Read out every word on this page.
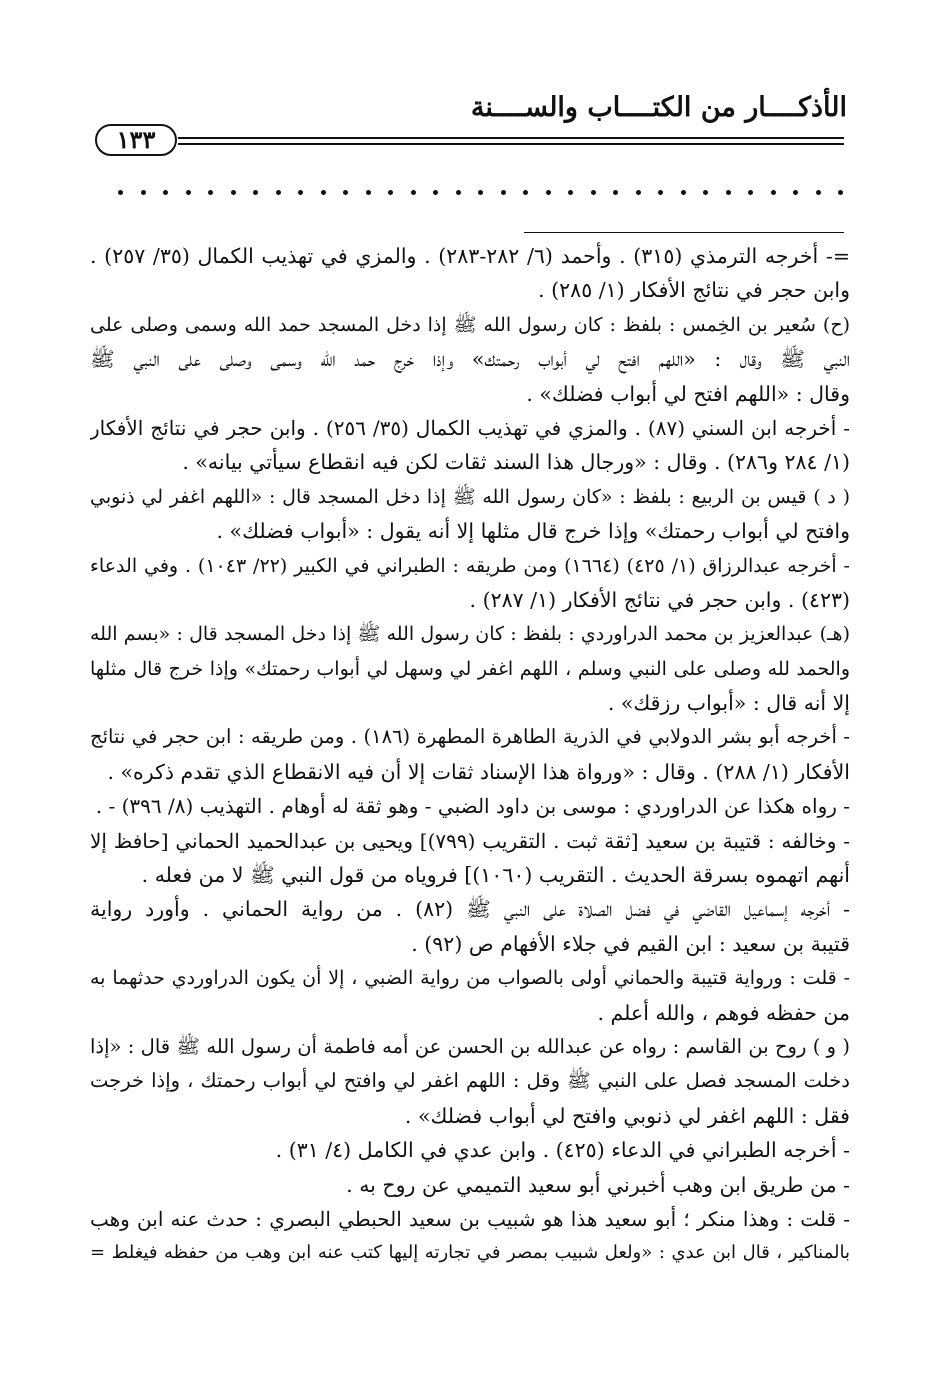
الأذكــــار من الكتــــاب والســــنة
١٣٣
=- أخرجه الترمذي (٣١٥) . وأحمد (٦/ ٢٨٢-٢٨٣) . والمزي في تهذيب الكمال (٣٥/ ٢٥٧) .
وابن حجر في نتائج الأفكار (١/ ٢٨٥) .
(ح) سُعير بن الخِمس : بلفظ : كان رسول الله ﷺ إذا دخل المسجد حمد الله وسمى وصلى على
النبي ﷺ وقال : «اللهم افتح لي أبواب رحمتك» وإذا خرج حمد الله وسمى وصلى على النبي ﷺ
وقال : «اللهم افتح لي أبواب فضلك» .
- أخرجه ابن السني (٨٧) . والمزي في تهذيب الكمال (٣٥/ ٢٥٦) . وابن حجر في نتائج الأفكار
(١/ ٢٨٤ و٢٨٦) . وقال : «ورجال هذا السند ثقات لكن فيه انقطاع سيأتي بيانه» .
( د ) قيس بن الربيع : بلفظ : «كان رسول الله ﷺ إذا دخل المسجد قال : «اللهم اغفر لي ذنوبي
وافتح لي أبواب رحمتك» وإذا خرج قال مثلها إلا أنه يقول : «أبواب فضلك» .
- أخرجه عبدالرزاق (١/ ٤٢٥) (١٦٦٤) ومن طريقه : الطبراني في الكبير (٢٢/ ١٠٤٣) . وفي الدعاء
(٤٢٣) . وابن حجر في نتائج الأفكار (١/ ٢٨٧) .
(هـ) عبدالعزيز بن محمد الدراوردي : بلفظ : كان رسول الله ﷺ إذا دخل المسجد قال : «بسم الله
والحمد لله وصلى على النبي وسلم ، اللهم اغفر لي وسهل لي أبواب رحمتك» وإذا خرج قال مثلها
إلا أنه قال : «أبواب رزقك» .
- أخرجه أبو بشر الدولابي في الذرية الطاهرة المطهرة (١٨٦) . ومن طريقه : ابن حجر في نتائج
الأفكار (١/ ٢٨٨) . وقال : «ورواة هذا الإسناد ثقات إلا أن فيه الانقطاع الذي تقدم ذكره» .
- رواه هكذا عن الدراوردي : موسى بن داود الضبي - وهو ثقة له أوهام . التهذيب (٨/ ٣٩٦) - .
- وخالفه : قتيبة بن سعيد [ثقة ثبت . التقريب (٧٩٩)] ويحيى بن عبدالحميد الحماني [حافظ إلا
أنهم اتهموه بسرقة الحديث . التقريب (١٠٦٠)] فروياه من قول النبي ﷺ لا من فعله .
- أخرجه إسماعيل القاضي في فضل الصلاة على النبي ﷺ (٨٢) . من رواية الحماني . وأورد رواية
قتيبة بن سعيد : ابن القيم في جلاء الأفهام ص (٩٢) .
- قلت : ورواية قتيبة والحماني أولى بالصواب من رواية الضبي ، إلا أن يكون الدراوردي حدثهما به
من حفظه فوهم ، والله أعلم .
( و ) روح بن القاسم : رواه عن عبدالله بن الحسن عن أمه فاطمة أن رسول الله ﷺ قال : «إذا
دخلت المسجد فصل على النبي ﷺ وقل : اللهم اغفر لي وافتح لي أبواب رحمتك ، وإذا خرجت
فقل : اللهم اغفر لي ذنوبي وافتح لي أبواب فضلك» .
- أخرجه الطبراني في الدعاء (٤٢٥) . وابن عدي في الكامل (٤/ ٣١) .
- من طريق ابن وهب أخبرني أبو سعيد التميمي عن روح به .
- قلت : وهذا منكر ؛ أبو سعيد هذا هو شبيب بن سعيد الحبطي البصري : حدث عنه ابن وهب
بالمناكير ، قال ابن عدي : «ولعل شبيب بمصر في تجارته إليها كتب عنه ابن وهب من حفظه فيغلط =
